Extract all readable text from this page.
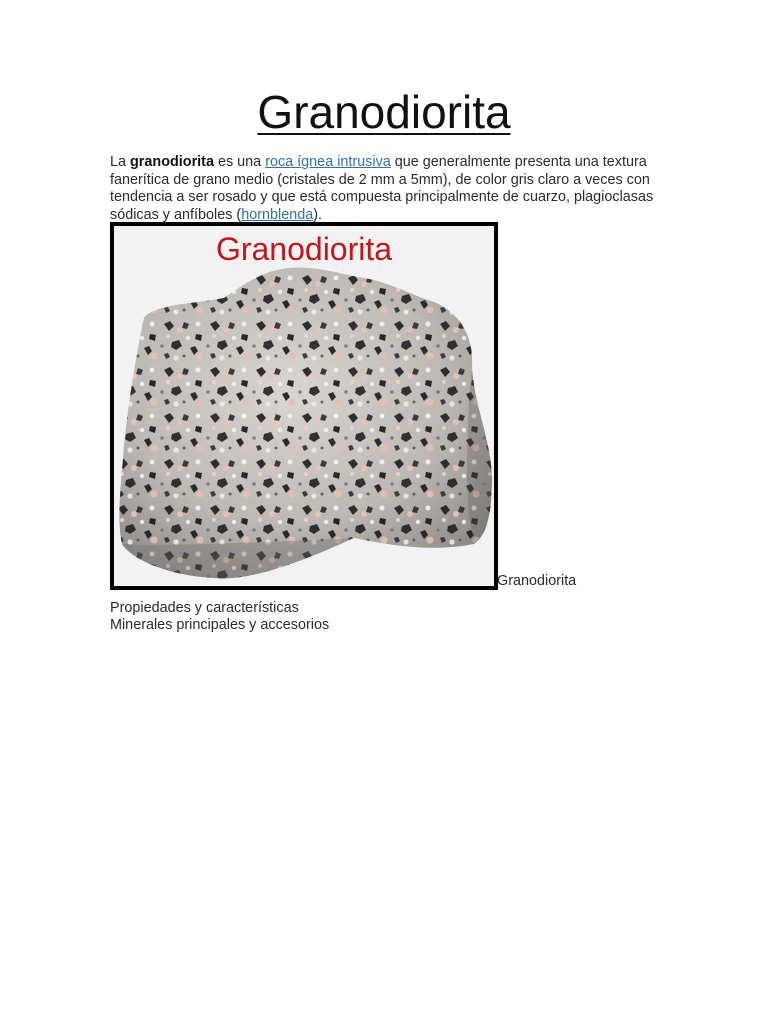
Granodiorita

La granodiorita es una roca ígnea intrusiva que generalmente presenta una textura fanerítica de grano medio (cristales de 2 mm a 5mm), de color gris claro a veces con tendencia a ser rosado y que está compuesta principalmente de cuarzo, plagioclasas sódicas y anfíboles (hornblenda).

Granodiorita
Granodiorita
Propiedades y características
Minerales principales y accesorios
